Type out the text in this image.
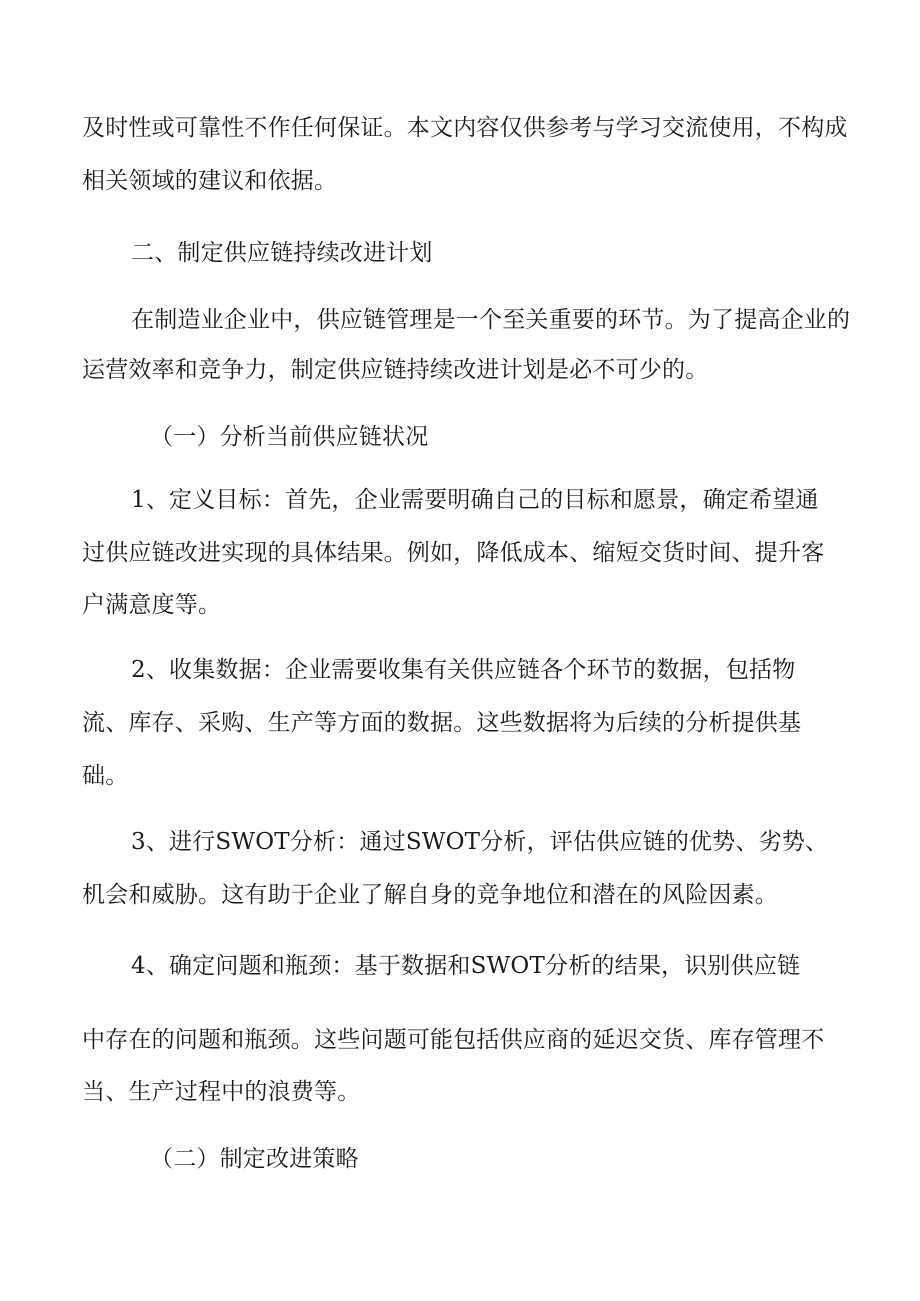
及时性或可靠性不作任何保证。本文内容仅供参考与学习交流使用，不构成
相关领域的建议和依据。
二、制定供应链持续改进计划
在制造业企业中，供应链管理是一个至关重要的环节。为了提高企业的
运营效率和竞争力，制定供应链持续改进计划是必不可少的。
（一）分析当前供应链状况
1、定义目标：首先，企业需要明确自己的目标和愿景，确定希望通
过供应链改进实现的具体结果。例如，降低成本、缩短交货时间、提升客
户满意度等。
2、收集数据：企业需要收集有关供应链各个环节的数据，包括物
流、库存、采购、生产等方面的数据。这些数据将为后续的分析提供基
础。
3、进行SWOT分析：通过SWOT分析，评估供应链的优势、劣势、
机会和威胁。这有助于企业了解自身的竞争地位和潜在的风险因素。
4、确定问题和瓶颈：基于数据和SWOT分析的结果，识别供应链
中存在的问题和瓶颈。这些问题可能包括供应商的延迟交货、库存管理不
当、生产过程中的浪费等。
（二）制定改进策略
